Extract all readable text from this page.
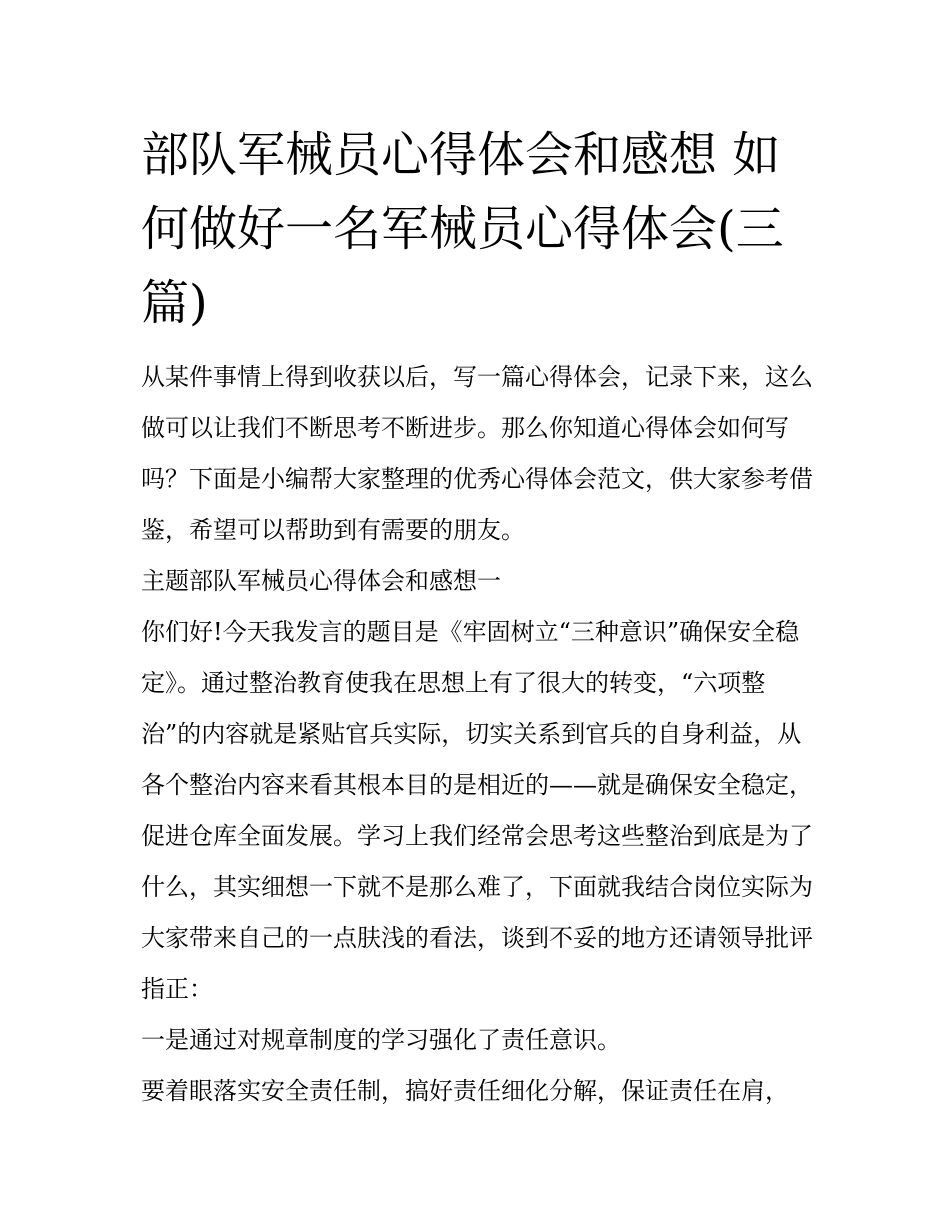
部队军械员心得体会和感想 如何做好一名军械员心得体会(三篇)

从某件事情上得到收获以后，写一篇心得体会，记录下来，这么做可以让我们不断思考不断进步。那么你知道心得体会如何写吗？下面是小编帮大家整理的优秀心得体会范文，供大家参考借鉴，希望可以帮助到有需要的朋友。

主题部队军械员心得体会和感想一

你们好!今天我发言的题目是《牢固树立“三种意识”确保安全稳定》。通过整治教育使我在思想上有了很大的转变，“六项整治”的内容就是紧贴官兵实际，切实关系到官兵的自身利益，从各个整治内容来看其根本目的是相近的——就是确保安全稳定，促进仓库全面发展。学习上我们经常会思考这些整治到底是为了什么，其实细想一下就不是那么难了，下面就我结合岗位实际为大家带来自己的一点肤浅的看法，谈到不妥的地方还请领导批评指正：

一是通过对规章制度的学习强化了责任意识。

要着眼落实安全责任制，搞好责任细化分解，保证责任在肩，
